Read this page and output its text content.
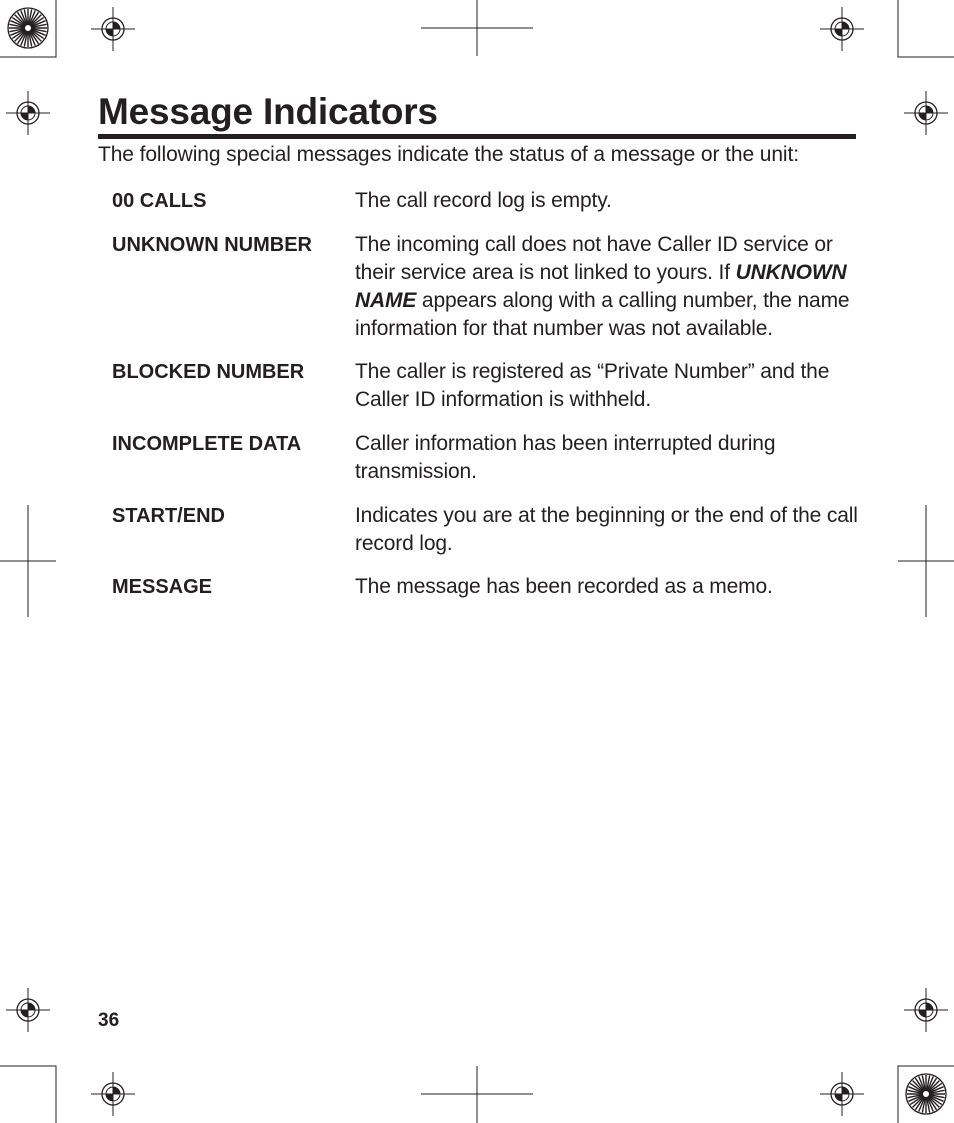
Message Indicators
The following special messages indicate the status of a message or the unit:
00 CALLS	The call record log is empty.
UNKNOWN NUMBER The incoming call does not have Caller ID service or their service area is not linked to yours. If UNKNOWN NAME appears along with a calling number, the name information for that number was not available.
BLOCKED NUMBER The caller is registered as “Private Number” and the Caller ID information is withheld.
INCOMPLETE DATA	Caller information has been interrupted during transmission.
START/END	Indicates you are at the beginning or the end of the call record log.
MESSAGE	The message has been recorded as a memo.
36
